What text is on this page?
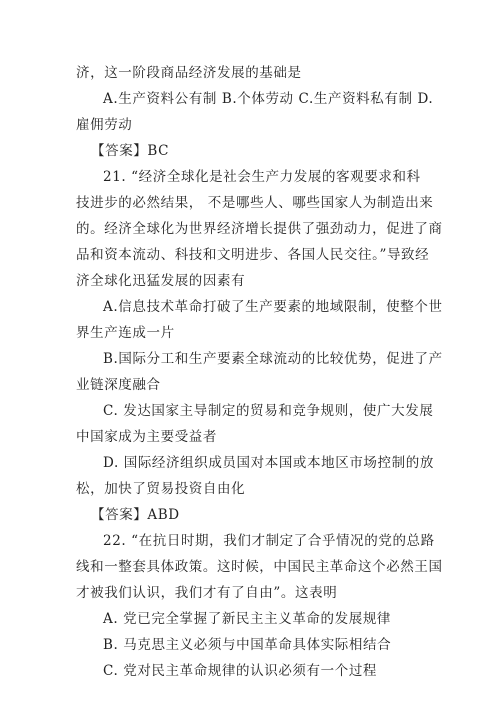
济，这一阶段商品经济发展的基础是
A.生产资料公有制 B.个体劳动 C.生产资料私有制 D.
雇佣劳动
【答案】BC
21. “经济全球化是社会生产力发展的客观要求和科
技进步的必然结果， 不是哪些人、哪些国家人为制造出来
的。经济全球化为世界经济增长提供了强劲动力，促进了商
品和资本流动、科技和文明进步、各国人民交往。”导致经
济全球化迅猛发展的因素有
A.信息技术革命打破了生产要素的地域限制，使整个世
界生产连成一片
B.国际分工和生产要素全球流动的比较优势，促进了产
业链深度融合
C. 发达国家主导制定的贸易和竞争规则，使广大发展
中国家成为主要受益者
D. 国际经济组织成员国对本国或本地区市场控制的放
松，加快了贸易投资自由化
【答案】ABD
22. “在抗日时期，我们才制定了合乎情况的党的总路
线和一整套具体政策。这时候，中国民主革命这个必然王国
才被我们认识，我们才有了自由”。这表明
A. 党已完全掌握了新民主主义革命的发展规律
B. 马克思主义必须与中国革命具体实际相结合
C. 党对民主革命规律的认识必须有一个过程
